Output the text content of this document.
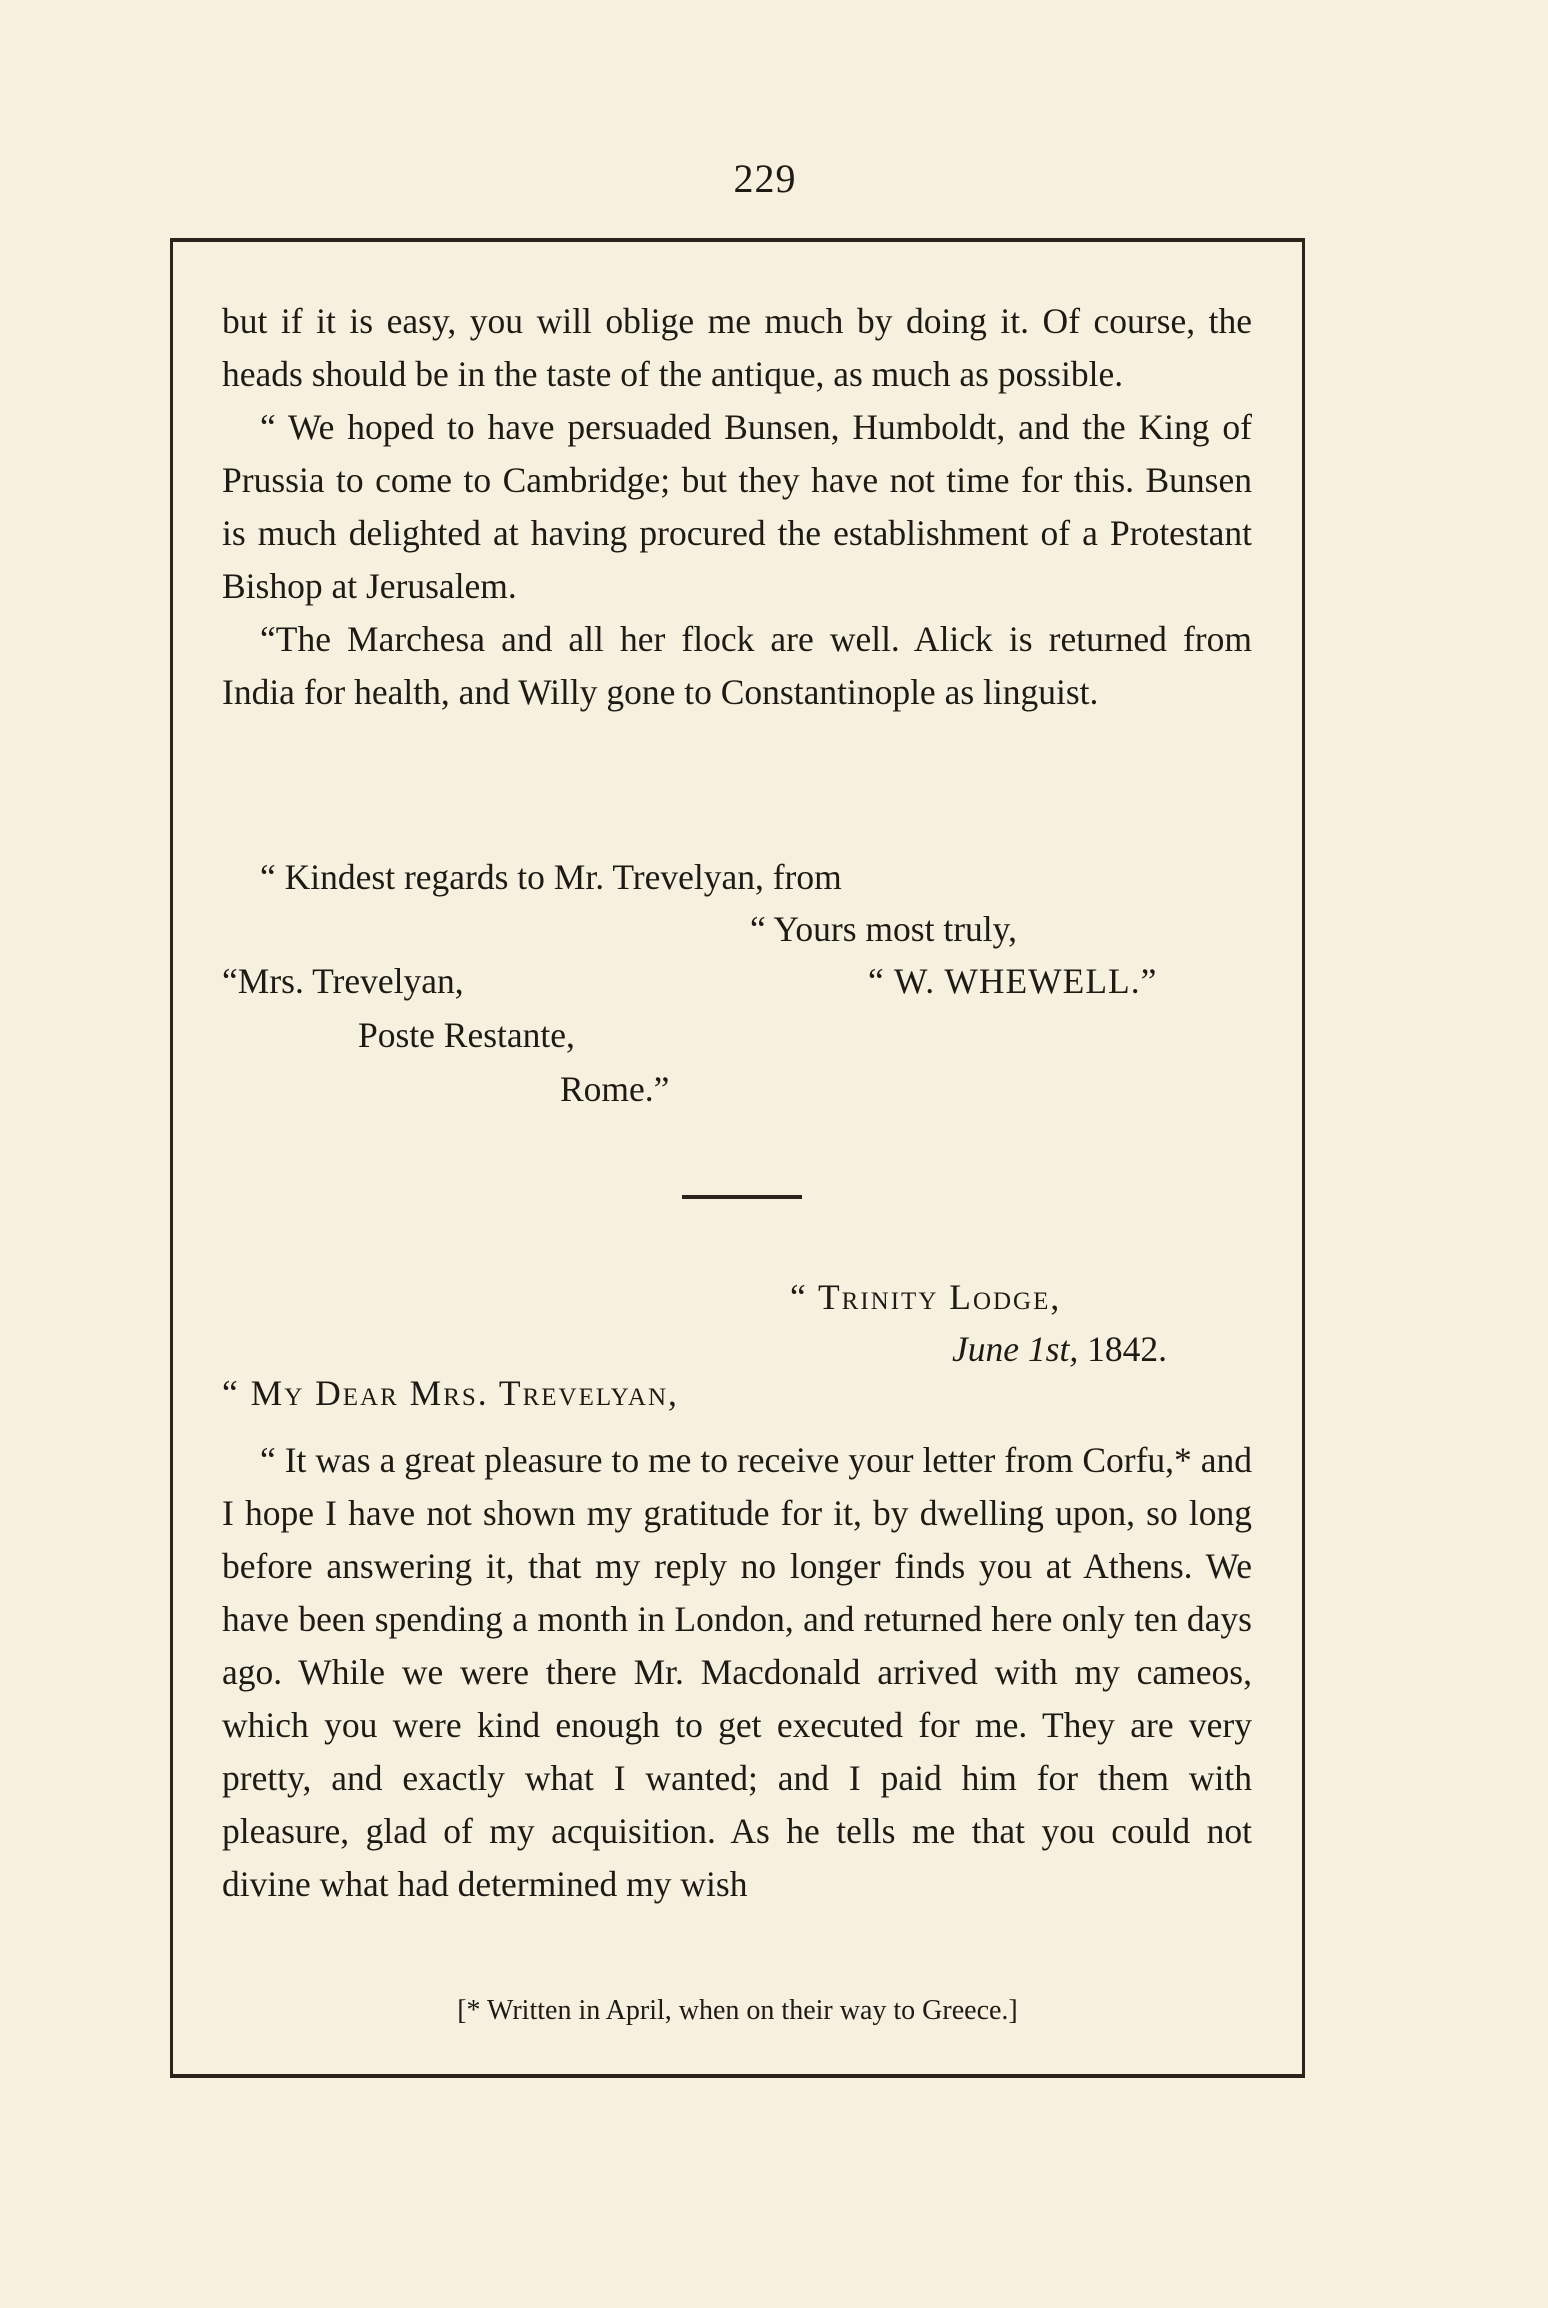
229

but if it is easy, you will oblige me much by doing it. Of course, the heads should be in the taste of the antique, as much as possible.

“ We hoped to have persuaded Bunsen, Humboldt, and the King of Prussia to come to Cambridge; but they have not time for this. Bunsen is much delighted at having procured the establishment of a Protestant Bishop at Jerusalem.

“The Marchesa and all her flock are well. Alick is returned from India for health, and Willy gone to Constantinople as linguist.

“ Kindest regards to Mr. Trevelyan, from
“ Yours most truly,
“Mrs. Trevelyan,	“ W. WHEWELL.”
Poste Restante,
Rome.”
“ Trinity Lodge,
June 1st, 1842.
“ My Dear Mrs. Trevelyan,

“ It was a great pleasure to me to receive your letter from Corfu,* and I hope I have not shown my gratitude for it, by dwelling upon, so long before answering it, that my reply no longer finds you at Athens. We have been spending a month in London, and returned here only ten days ago. While we were there Mr. Macdonald arrived with my cameos, which you were kind enough to get executed for me. They are very pretty, and exactly what I wanted; and I paid him for them with pleasure, glad of my acquisition. As he tells me that you could not divine what had determined my wish

[* Written in April, when on their way to Greece.]
